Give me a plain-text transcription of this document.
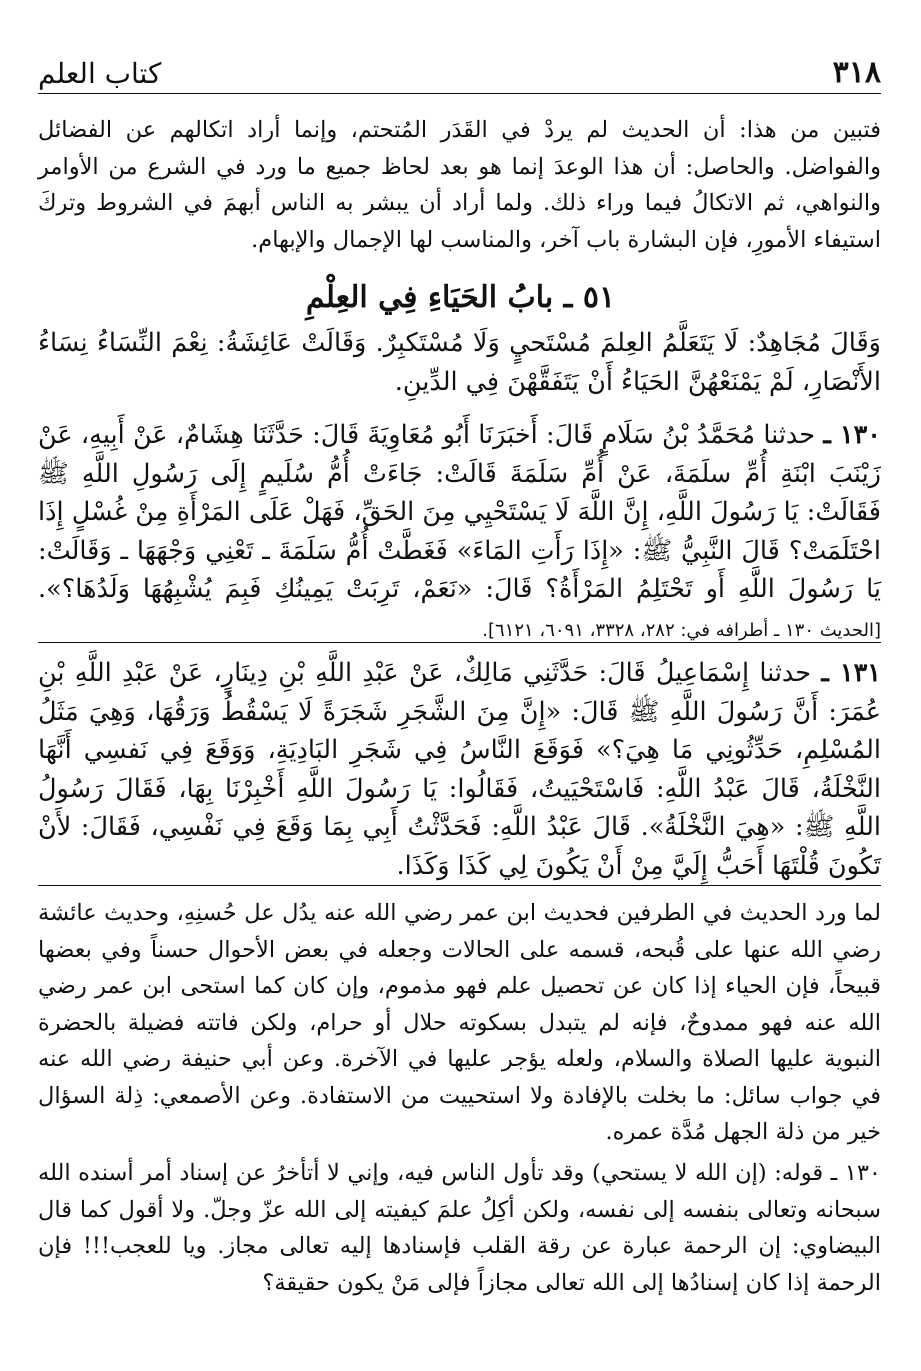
٣١٨
كتاب العلم

فتبين من هذا: أن الحديث لم يردْ في القَدَر المُتحتم، وإنما أراد اتكالهم عن الفضائل والفواضل. والحاصل: أن هذا الوعدَ إنما هو بعد لحاظ جميع ما ورد في الشرع من الأوامر والنواهي، ثم الاتكالُ فيما وراء ذلك. ولما أراد أن يبشر به الناس أبهمَ في الشروط وتركَ استيفاء الأمورِ، فإن البشارة باب آخر، والمناسب لها الإجمال والإبهام.

٥١ ـ بابُ الحَيَاءِ فِي العِلْمِ

وَقَالَ مُجَاهِدٌ: لَا يَتَعَلَّمُ العِلمَ مُسْتَحيٍ وَلَا مُسْتَكبِرٌ. وَقَالَتْ عَائِشَةُ: نِعْمَ النِّسَاءُ نِسَاءُ الأَنْصَارِ، لَمْ يَمْنَعْهُنَّ الحَيَاءُ أَنْ يَتَفَقَّهْنَ فِي الدِّينِ.

١٣٠ ـ حدثنا مُحَمَّدُ بْنُ سَلَامٍ قَالَ: أَخبَرَنَا أَبُو مُعَاوِيَةَ قَالَ: حَدَّثَنَا هِشَامٌ، عَنْ أَبِيهِ، عَنْ زَيْنَبَ ابْنَةِ أُمِّ سلَمَةَ، عَنْ أُمِّ سَلَمَةَ قَالَتْ: جَاءَتْ أُمُّ سُلَيمٍ إِلَى رَسُولِ اللَّهِ ﷺ فَقَالَتْ: يَا رَسُولَ اللَّهِ، إِنَّ اللَّهَ لَا يَسْتَحْيِي مِنَ الحَقِّ، فَهَلْ عَلَى المَرْأَةِ مِنْ غُسْلٍ إِذَا احْتَلَمَتْ؟ قَالَ النَّبِيُّ ﷺ: «إِذَا رَأَتِ المَاءَ» فَغَطَّتْ أُمُّ سَلَمَةَ ـ تَعْنِي وَجْهَهَا ـ وَقَالَتْ: يَا رَسُولَ اللَّهِ أَو تَحْتَلِمُ المَرْأَةُ؟ قَالَ: «نَعَمْ، تَرِبَتْ يَمِينُكِ فَبِمَ يُشْبِهُهَا وَلَدُهَا؟». [الحديث ١٣٠ ـ أطرافه في: ٢٨٢، ٣٣٢٨، ٦٠٩١، ٦١٢١].

١٣١ ـ حدثنا إِسْمَاعِيلُ قَالَ: حَدَّثَنِي مَالِكٌ، عَنْ عَبْدِ اللَّهِ بْنِ دِينَارٍ، عَنْ عَبْدِ اللَّهِ بْنِ عُمَرَ: أَنَّ رَسُولَ اللَّهِ ﷺ قَالَ: «إِنَّ مِنَ الشَّجَرِ شَجَرَةً لَا يَسْقُطُ وَرَقُهَا، وَهِيَ مَثَلُ المُسْلِمِ، حَدِّثُونِي مَا هِيَ؟» فَوَقَعَ النَّاسُ فِي شَجَرِ البَادِيَةِ، وَوَقَعَ فِي نَفسِي أَنَّهَا النَّخْلَةُ، قَالَ عَبْدُ اللَّهِ: فَاسْتَحْيَيتُ، فَقَالُوا: يَا رَسُولَ اللَّهِ أَخْبِرْنَا بِهَا، فَقَالَ رَسُولُ اللَّهِ ﷺ: «هِيَ النَّخْلَةُ». قَالَ عَبْدُ اللَّهِ: فَحَدَّثْتُ أَبِي بِمَا وَقَعَ فِي نَفْسِي، فَقَالَ: لأَنْ تَكُونَ قُلْتَهَا أَحَبُّ إِلَيَّ مِنْ أَنْ يَكُونَ لِي كَذَا وَكَذَا.

لما ورد الحديث في الطرفين فحديث ابن عمر رضي الله عنه يدُل عل حُسنِهِ، وحديث عائشة رضي الله عنها على قُبحه، قسمه على الحالات وجعله في بعض الأحوال حسناً وفي بعضها قبيحاً، فإن الحياء إذا كان عن تحصيل علم فهو مذموم، وإن كان كما استحى ابن عمر رضي الله عنه فهو ممدوحٌ، فإنه لم يتبدل بسكوته حلال أو حرام، ولكن فاتته فضيلة بالحضرة النبوية عليها الصلاة والسلام، ولعله يؤجر عليها في الآخرة. وعن أبي حنيفة رضي الله عنه في جواب سائل: ما بخلت بالإفادة ولا استحييت من الاستفادة. وعن الأصمعي: ذِلة السؤال خير من ذلة الجهل مُدَّة عمره.

١٣٠ ـ قوله: (إن الله لا يستحي) وقد تأول الناس فيه، وإني لا أتأخرُ عن إسناد أمر أسنده الله سبحانه وتعالى بنفسه إلى نفسه، ولكن أكِلُ علمَ كيفيته إلى الله عزّ وجلّ. ولا أقول كما قال البيضاوي: إن الرحمة عبارة عن رقة القلب فإسنادها إليه تعالى مجاز. ويا للعجب!!! فإن الرحمة إذا كان إسنادُها إلى الله تعالى مجازاً فإلى مَنْ يكون حقيقة؟
